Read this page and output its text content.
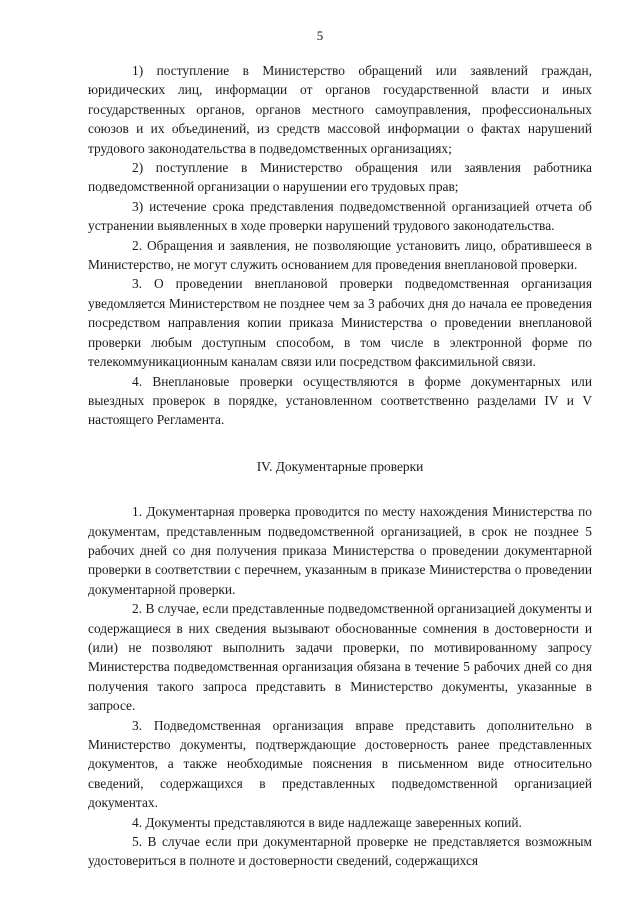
5

1) поступление в Министерство обращений или заявлений граждан, юридических лиц, информации от органов государственной власти и иных государственных органов, органов местного самоуправления, профессиональных союзов и их объединений, из средств массовой информации о фактах нарушений трудового законодательства в подведомственных организациях;

2) поступление в Министерство обращения или заявления работника подведомственной организации о нарушении его трудовых прав;

3) истечение срока представления подведомственной организацией отчета об устранении выявленных в ходе проверки нарушений трудового законодательства.

2. Обращения и заявления, не позволяющие установить лицо, обратившееся в Министерство, не могут служить основанием для проведения внеплановой проверки.

3. О проведении внеплановой проверки подведомственная организация уведомляется Министерством не позднее чем за 3 рабочих дня до начала ее проведения посредством направления копии приказа Министерства о проведении внеплановой проверки любым доступным способом, в том числе в электронной форме по телекоммуникационным каналам связи или посредством факсимильной связи.

4. Внеплановые проверки осуществляются в форме документарных или выездных проверок в порядке, установленном соответственно разделами IV и V настоящего Регламента.

IV. Документарные проверки

1. Документарная проверка проводится по месту нахождения Министерства по документам, представленным подведомственной организацией, в срок не позднее 5 рабочих дней со дня получения приказа Министерства о проведении документарной проверки в соответствии с перечнем, указанным в приказе Министерства о проведении документарной проверки.

2. В случае, если представленные подведомственной организацией документы и содержащиеся в них сведения вызывают обоснованные сомнения в достоверности и (или) не позволяют выполнить задачи проверки, по мотивированному запросу Министерства подведомственная организация обязана в течение 5 рабочих дней со дня получения такого запроса представить в Министерство документы, указанные в запросе.

3. Подведомственная организация вправе представить дополнительно в Министерство документы, подтверждающие достоверность ранее представленных документов, а также необходимые пояснения в письменном виде относительно сведений, содержащихся в представленных подведомственной организацией документах.

4. Документы представляются в виде надлежаще заверенных копий.

5. В случае если при документарной проверке не представляется возможным удостовериться в полноте и достоверности сведений, содержащихся
